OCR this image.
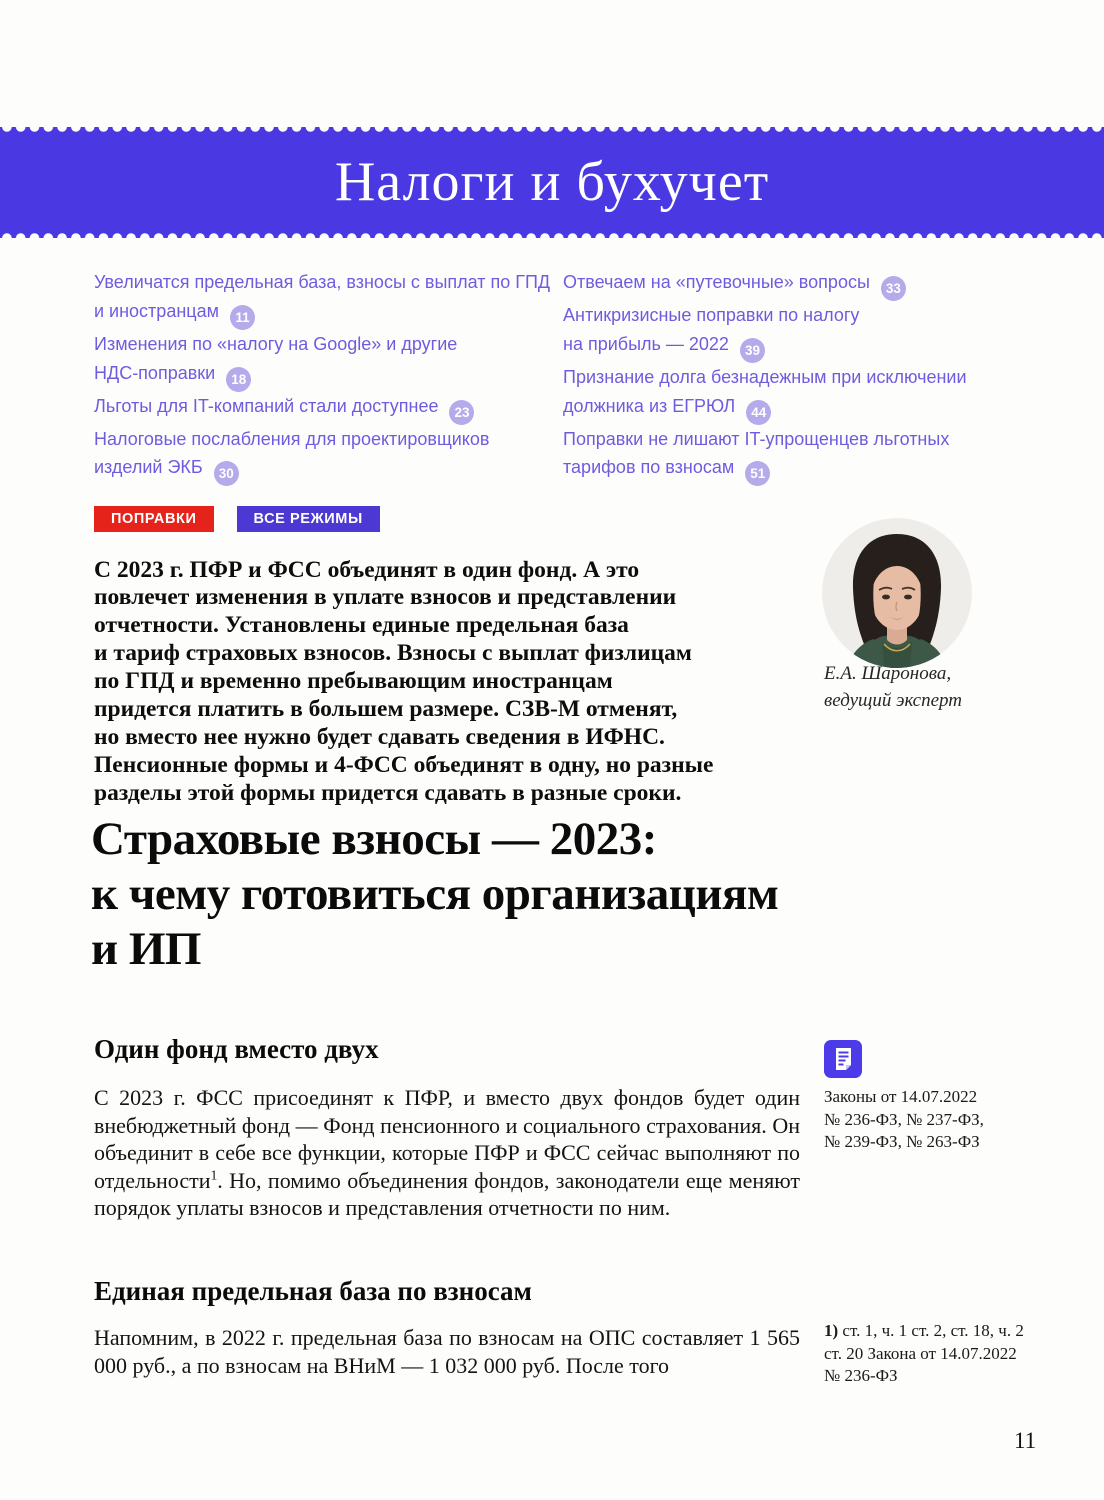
Налоги и бухучет
Увеличатся предельная база, взносы с выплат по ГПД
и иностранцам 11
Изменения по «налогу на Google» и другие
НДС-поправки 18
Льготы для IT-компаний стали доступнее 23
Налоговые послабления для проектировщиков
изделий ЭКБ 30
Отвечаем на «путевочные» вопросы 33
Антикризисные поправки по налогу
на прибыль — 2022 39
Признание долга безнадежным при исключении
должника из ЕГРЮЛ 44
Поправки не лишают IT-упрощенцев льготных
тарифов по взносам 51
ПОПРАВКИ	ВСЕ РЕЖИМЫ

С 2023 г. ПФР и ФСС объединят в один фонд. А это
повлечет изменения в уплате взносов и представлении
отчетности. Установлены единые предельная база
и тариф страховых взносов. Взносы с выплат физлицам
по ГПД и временно пребывающим иностранцам
придется платить в большем размере. СЗВ-М отменят,
но вместо нее нужно будет сдавать сведения в ИФНС.
Пенсионные формы и 4-ФСС объединят в одну, но разные
разделы этой формы придется сдавать в разные сроки.

Е.А. Шаронова,
ведущий эксперт
Страховые взносы — 2023:
к чему готовиться организациям
и ИП
Один фонд вместо двух

С 2023 г. ФСС присоединят к ПФР, и вместо двух фондов будет один внебюджетный фонд — Фонд пенсионного и социального страхования. Он объединит в себе все функции, которые ПФР и ФСС сейчас выполняют по отдельности$^1$. Но, помимо объединения фондов, законодатели еще меняют порядок уплаты взносов и представления отчетности по ним.

Законы от 14.07.2022
№ 236-ФЗ, № 237-ФЗ,
№ 239-ФЗ, № 263-ФЗ
Единая предельная база по взносам

Напомним, в 2022 г. предельная база по взносам на ОПС составляет 1 565 000 руб., а по взносам на ВНиМ — 1 032 000 руб. После того

1) ст. 1, ч. 1 ст. 2, ст. 18, ч. 2
ст. 20 Закона от 14.07.2022
№ 236-ФЗ
11
